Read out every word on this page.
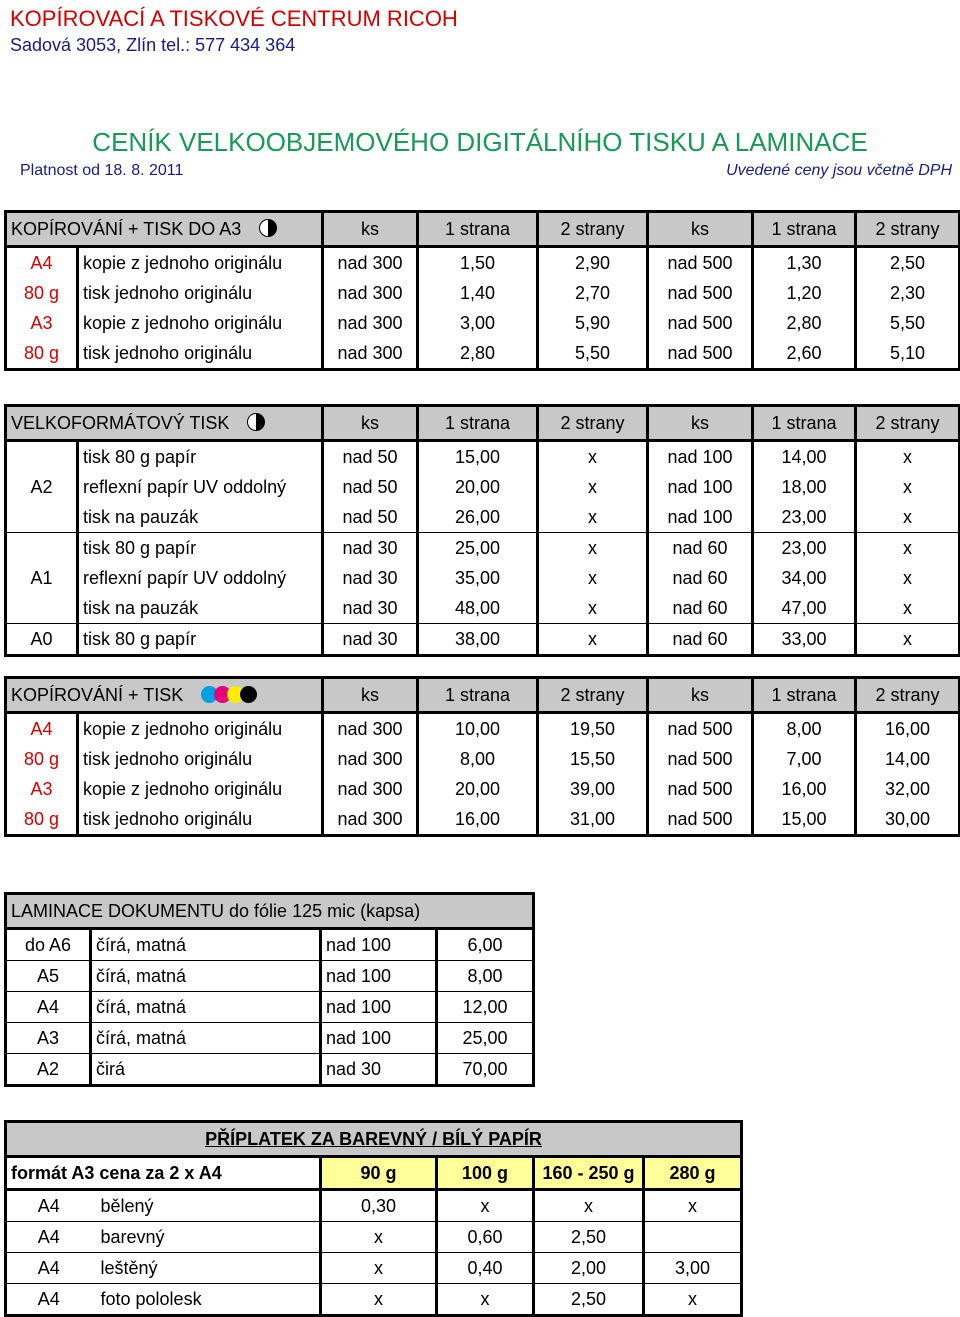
KOPÍROVACÍ A TISKOVÉ CENTRUM RICOH
Sadová 3053, Zlín tel.: 577 434 364
CENÍK VELKOOBJEMOVÉHO DIGITÁLNÍHO TISKU A LAMINACE
Platnost od 18. 8. 2011	Uvedené ceny jsou včetně DPH
KOPÍROVÁNÍ + TISK DO A3		ks	1 strana	2 strany	ks	1 strana	2 strany
A4	kopie z jednoho originálu	nad 300	1,50	2,90	nad 500	1,30	2,50
80 g	tisk jednoho originálu	nad 300	1,40	2,70	nad 500	1,20	2,30
A3	kopie z jednoho originálu	nad 300	3,00	5,90	nad 500	2,80	5,50
80 g	tisk jednoho originálu	nad 300	2,80	5,50	nad 500	2,60	5,10
VELKOFORMÁTOVÝ TISK		ks	1 strana	2 strany	ks	1 strana	2 strany
A2	tisk 80 g papír	nad 50	15,00	x	nad 100	14,00	x
	reflexní papír UV oddolný	nad 50	20,00	x	nad 100	18,00	x
	tisk na pauzák	nad 50	26,00	x	nad 100	23,00	x
A1	tisk 80 g papír	nad 30	25,00	x	nad 60	23,00	x
	reflexní papír UV oddolný	nad 30	35,00	x	nad 60	34,00	x
	tisk na pauzák	nad 30	48,00	x	nad 60	47,00	x
A0	tisk 80 g papír	nad 30	38,00	x	nad 60	33,00	x
KOPÍROVÁNÍ + TISK		ks	1 strana	2 strany	ks	1 strana	2 strany
A4	kopie z jednoho originálu	nad 300	10,00	19,50	nad 500	8,00	16,00
80 g	tisk jednoho originálu	nad 300	8,00	15,50	nad 500	7,00	14,00
A3	kopie z jednoho originálu	nad 300	20,00	39,00	nad 500	16,00	32,00
80 g	tisk jednoho originálu	nad 300	16,00	31,00	nad 500	15,00	30,00
LAMINACE DOKUMENTU do fólie 125 mic (kapsa)			
do A6	čírá, matná	nad 100	6,00
A5	čírá, matná	nad 100	8,00
A4	čírá, matná	nad 100	12,00
A3	čírá, matná	nad 100	25,00
A2	čirá	nad 30	70,00
PŘÍPLATEK ZA BAREVNÝ / BÍLÝ PAPÍR					
formát A3 cena za 2 x A4		90 g	100 g	160 - 250 g	280 g
A4	bělený	0,30	x	x	x
A4	barevný	x	0,60	2,50	
A4	leštěný	x	0,40	2,00	3,00
A4	foto pololesk	x	x	2,50	x
